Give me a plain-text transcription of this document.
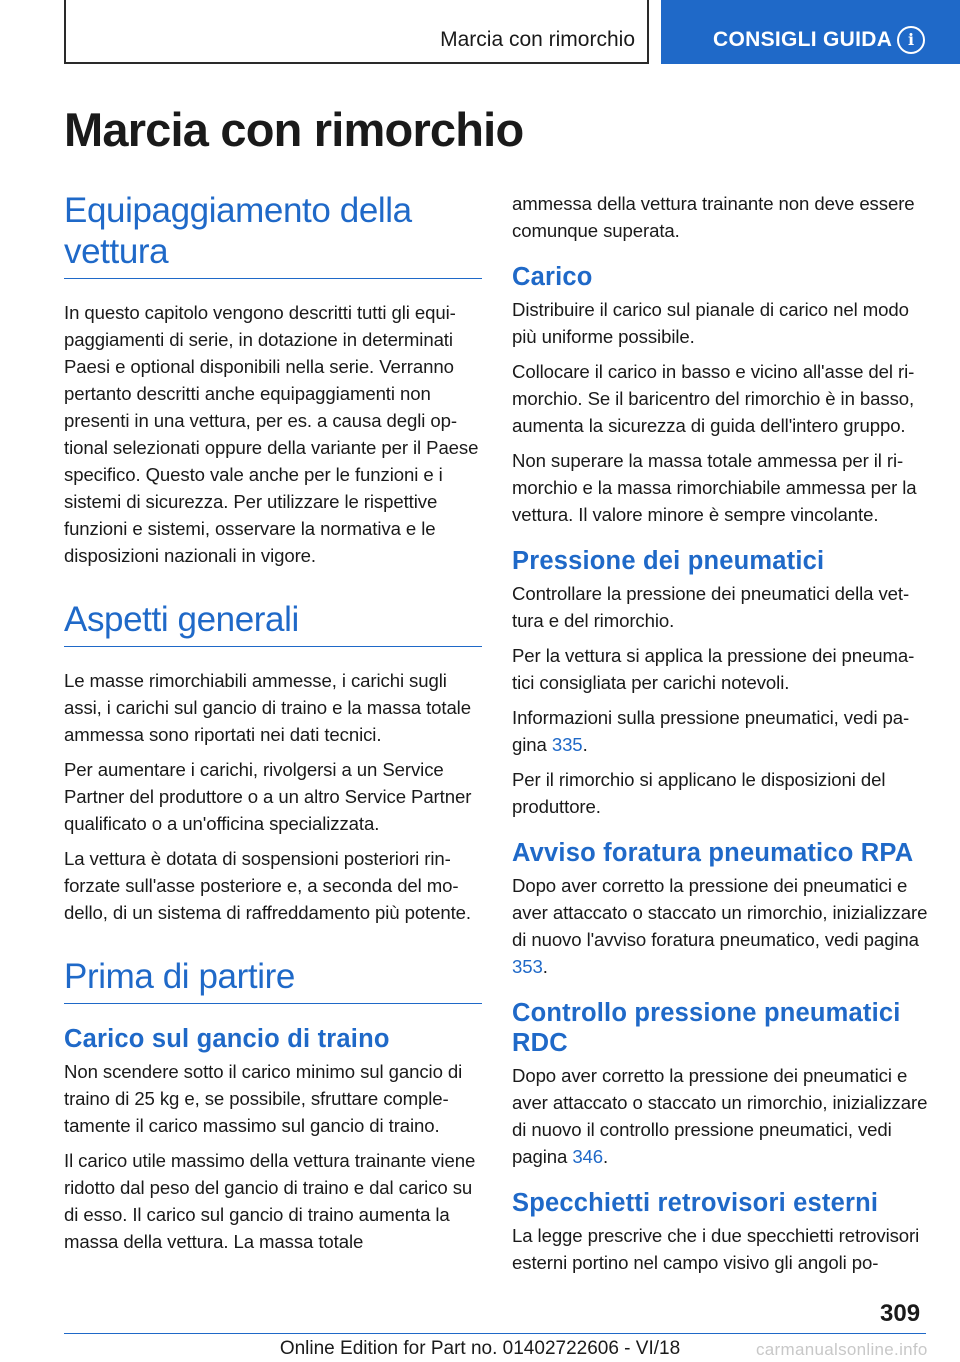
Marcia con rimorchio	CONSIGLI GUIDA i
Marcia con rimorchio
Equipaggiamento della vettura

In questo capitolo vengono descritti tutti gli equipaggiamenti di serie, in dotazione in determinati Paesi e optional disponibili nella serie. Verranno pertanto descritti anche equipaggiamenti non presenti in una vettura, per es. a causa degli optional selezionati oppure della variante per il Paese specifico. Questo vale anche per le funzioni e i sistemi di sicurezza. Per utilizzare le rispettive funzioni e sistemi, osservare la normativa e le disposizioni nazionali in vigore.

Aspetti generali

Le masse rimorchiabili ammesse, i carichi sugli assi, i carichi sul gancio di traino e la massa totale ammessa sono riportati nei dati tecnici.

Per aumentare i carichi, rivolgersi a un Service Partner del produttore o a un altro Service Partner qualificato o a un'officina specializzata.

La vettura è dotata di sospensioni posteriori rinforzate sull'asse posteriore e, a seconda del modello, di un sistema di raffreddamento più potente.

Prima di partire
Carico sul gancio di traino

Non scendere sotto il carico minimo sul gancio di traino di 25 kg e, se possibile, sfruttare completamente il carico massimo sul gancio di traino.

Il carico utile massimo della vettura trainante viene ridotto dal peso del gancio di traino e dal carico su di esso. Il carico sul gancio di traino aumenta la massa della vettura. La massa totale

ammessa della vettura trainante non deve essere comunque superata.

Carico

Distribuire il carico sul pianale di carico nel modo più uniforme possibile.

Collocare il carico in basso e vicino all'asse del rimorchio. Se il baricentro del rimorchio è in basso, aumenta la sicurezza di guida dell'intero gruppo.

Non superare la massa totale ammessa per il rimorchio e la massa rimorchiabile ammessa per la vettura. Il valore minore è sempre vincolante.

Pressione dei pneumatici

Controllare la pressione dei pneumatici della vettura e del rimorchio.

Per la vettura si applica la pressione dei pneumatici consigliata per carichi notevoli.

Informazioni sulla pressione pneumatici, vedi pagina 335.

Per il rimorchio si applicano le disposizioni del produttore.

Avviso foratura pneumatico RPA

Dopo aver corretto la pressione dei pneumatici e aver attaccato o staccato un rimorchio, inizializzare di nuovo l'avviso foratura pneumatico, vedi pagina 353.

Controllo pressione pneumatici RDC

Dopo aver corretto la pressione dei pneumatici e aver attaccato o staccato un rimorchio, inizializzare di nuovo il controllo pressione pneumatici, vedi pagina 346.

Specchietti retrovisori esterni

La legge prescrive che i due specchietti retrovisori esterni portino nel campo visivo gli angoli po-

309
Online Edition for Part no. 01402722606 - VI/18	carmanualsonline.info
